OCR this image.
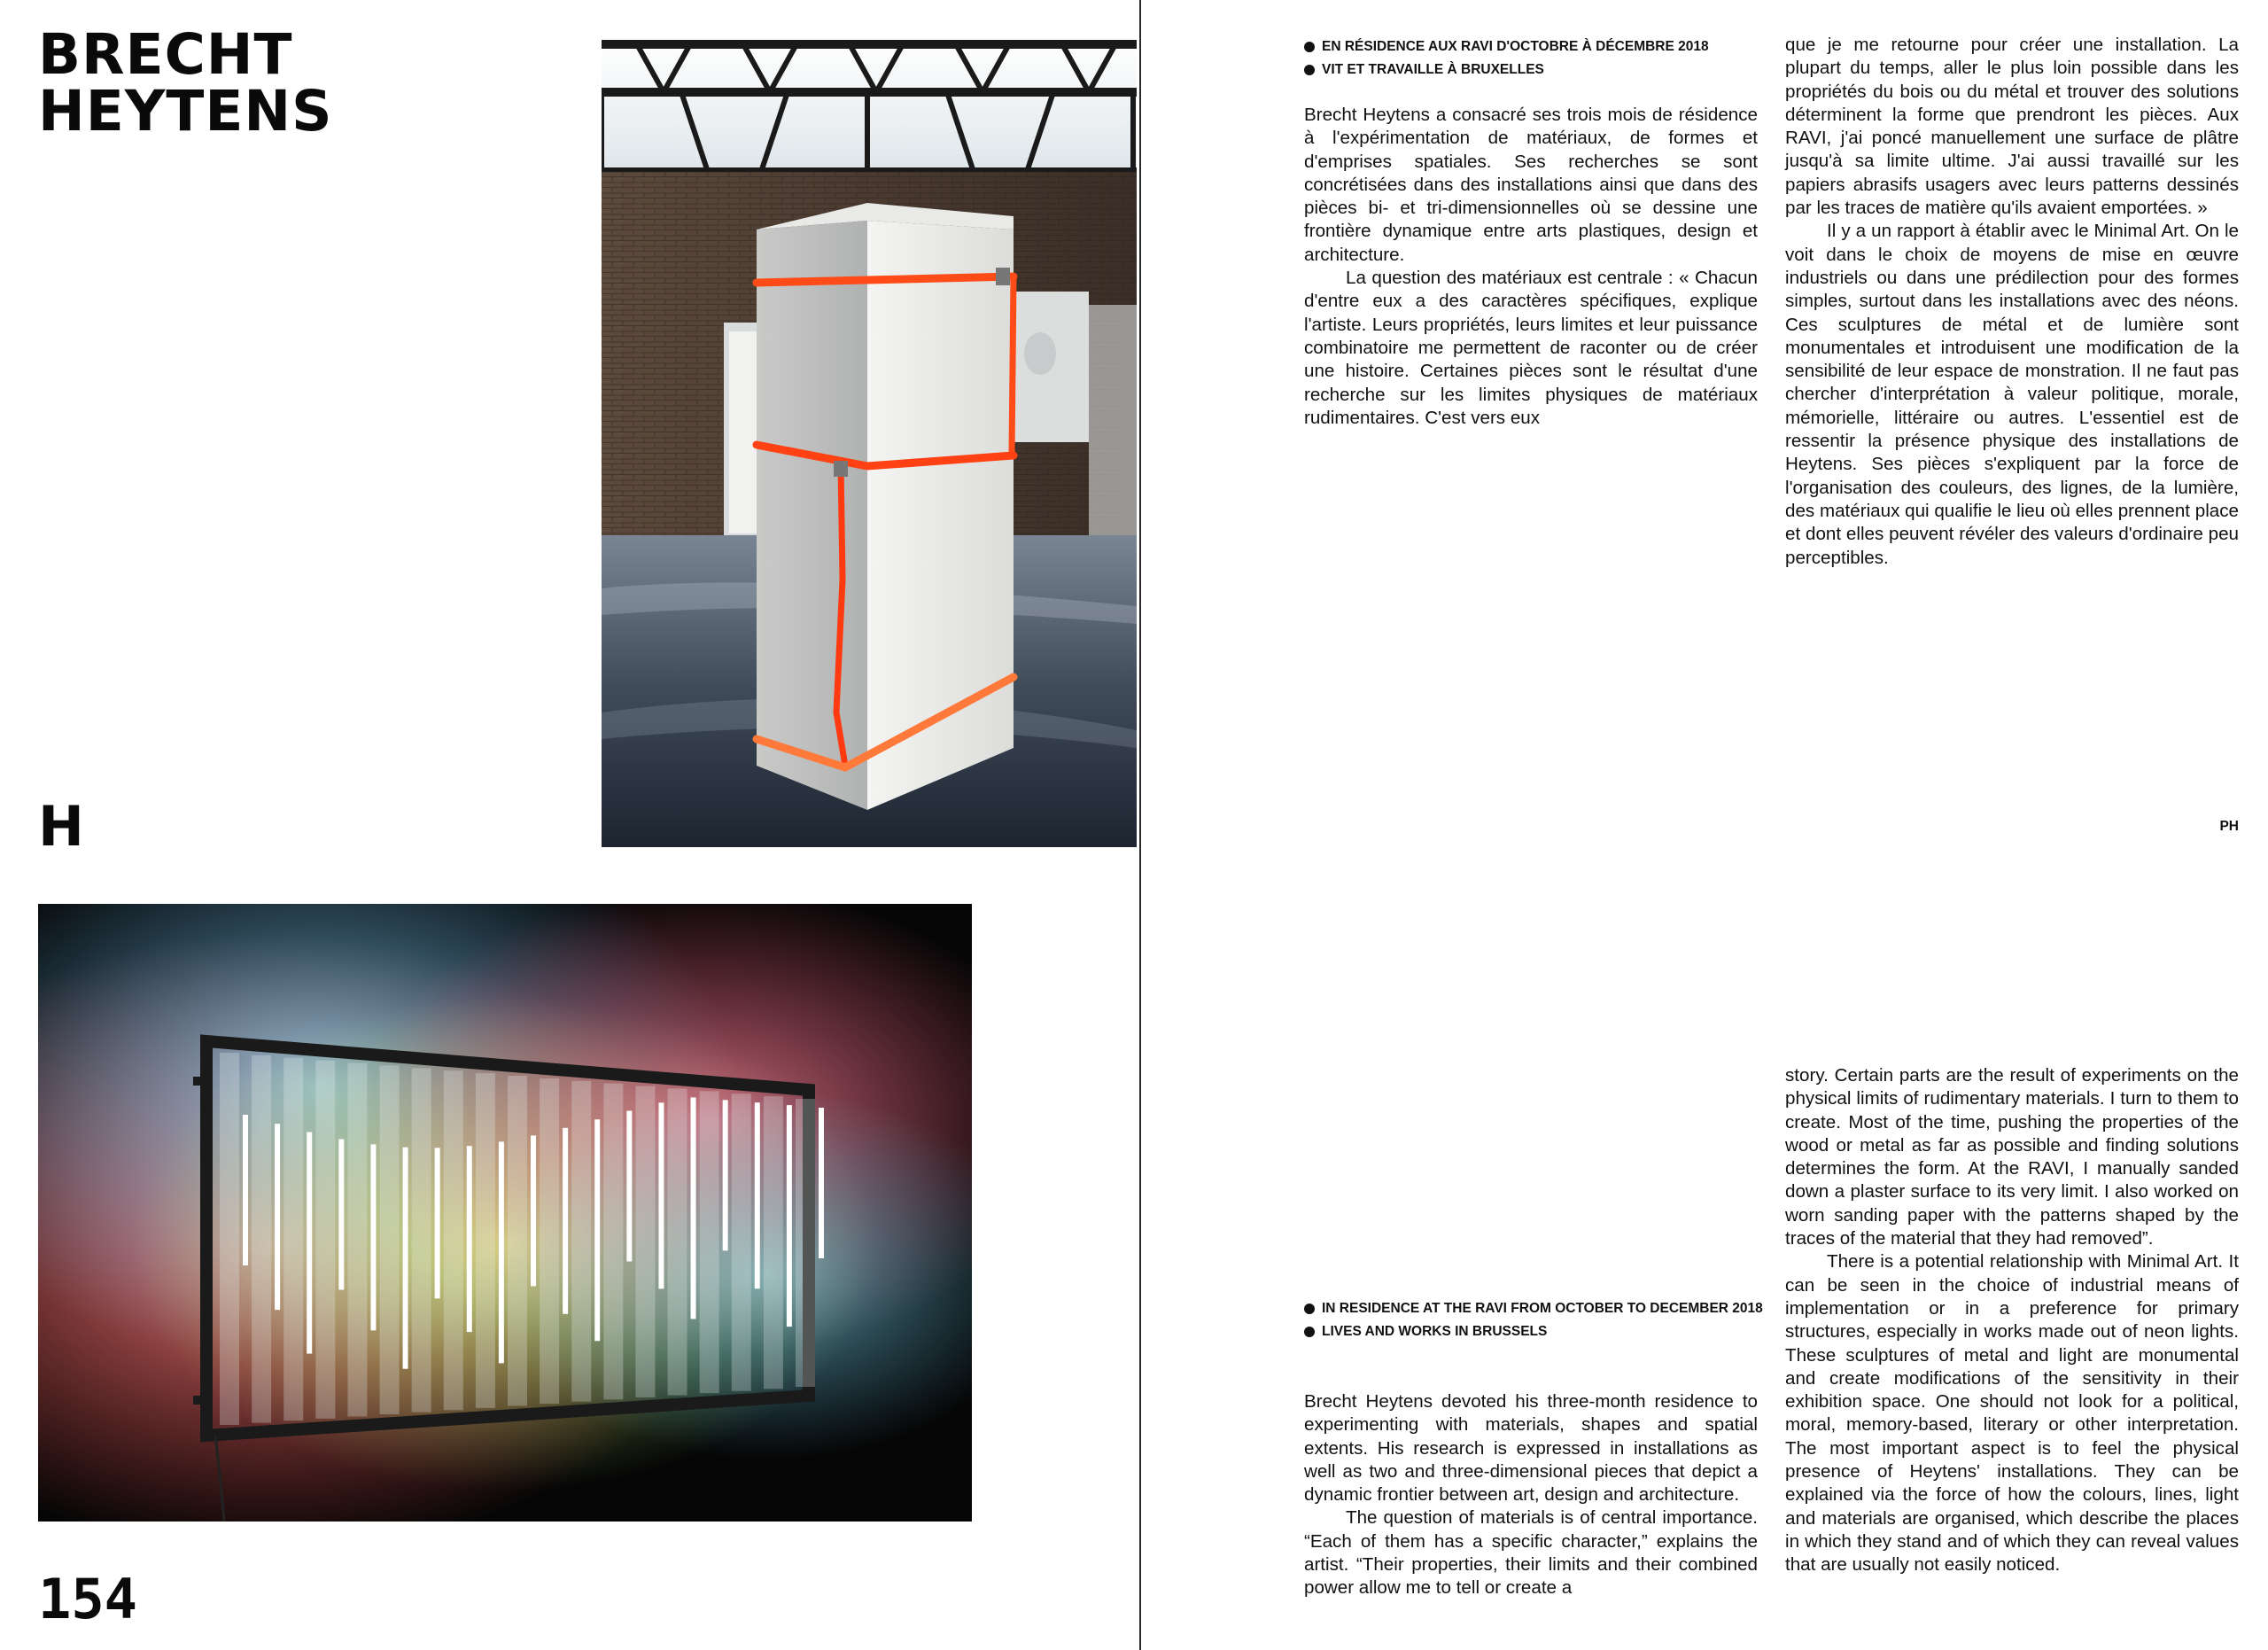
BRECHT
HEYTENS
H
154
EN RÉSIDENCE AUX RAVI D'OCTOBRE À DÉCEMBRE 2018
VIT ET TRAVAILLE À BRUXELLES

Brecht Heytens a consacré ses trois mois de résidence à l'expérimentation de matériaux, de formes et d'emprises spatiales. Ses recherches se sont concrétisées dans des installations ainsi que dans des pièces bi- et tri-dimensionnelles où se dessine une frontière dynamique entre arts plastiques, design et architecture.

La question des matériaux est centrale : « Chacun d'entre eux a des caractères spécifiques, explique l'artiste. Leurs propriétés, leurs limites et leur puissance combinatoire me permettent de raconter ou de créer une histoire. Certaines pièces sont le résultat d'une recherche sur les limites physiques de matériaux rudimentaires. C'est vers eux

que je me retourne pour créer une installation. La plupart du temps, aller le plus loin possible dans les propriétés du bois ou du métal et trouver des solutions déterminent la forme que prendront les pièces. Aux RAVI, j'ai poncé manuellement une surface de plâtre jusqu'à sa limite ultime. J'ai aussi travaillé sur les papiers abrasifs usagers avec leurs patterns dessinés par les traces de matière qu'ils avaient emportées. »

Il y a un rapport à établir avec le Minimal Art. On le voit dans le choix de moyens de mise en œuvre industriels ou dans une prédilection pour des formes simples, surtout dans les installations avec des néons. Ces sculptures de métal et de lumière sont monumentales et introduisent une modification de la sensibilité de leur espace de monstration. Il ne faut pas chercher d'interprétation à valeur politique, morale, mémorielle, littéraire ou autres. L'essentiel est de ressentir la présence physique des installations de Heytens. Ses pièces s'expliquent par la force de l'organisation des couleurs, des lignes, de la lumière, des matériaux qui qualifie le lieu où elles prennent place et dont elles peuvent révéler des valeurs d'ordinaire peu perceptibles.

PH
IN RESIDENCE AT THE RAVI FROM OCTOBER TO DECEMBER 2018
LIVES AND WORKS IN BRUSSELS

Brecht Heytens devoted his three-month residence to experimenting with materials, shapes and spatial extents. His research is expressed in installations as well as two and three-dimensional pieces that depict a dynamic frontier between art, design and architecture.

The question of materials is of central importance. “Each of them has a specific character,” explains the artist. “Their properties, their limits and their combined power allow me to tell or create a

story. Certain parts are the result of experiments on the physical limits of rudimentary materials. I turn to them to create. Most of the time, pushing the properties of the wood or metal as far as possible and finding solutions determines the form. At the RAVI, I manually sanded down a plaster surface to its very limit. I also worked on worn sanding paper with the patterns shaped by the traces of the material that they had removed”.

There is a potential relationship with Minimal Art. It can be seen in the choice of industrial means of implementation or in a preference for primary structures, especially in works made out of neon lights. These sculptures of metal and light are monumental and create modifications of the sensitivity in their exhibition space. One should not look for a political, moral, memory-based, literary or other interpretation. The most important aspect is to feel the physical presence of Heytens' installations. They can be explained via the force of how the colours, lines, light and materials are organised, which describe the places in which they stand and of which they can reveal values that are usually not easily noticed.
